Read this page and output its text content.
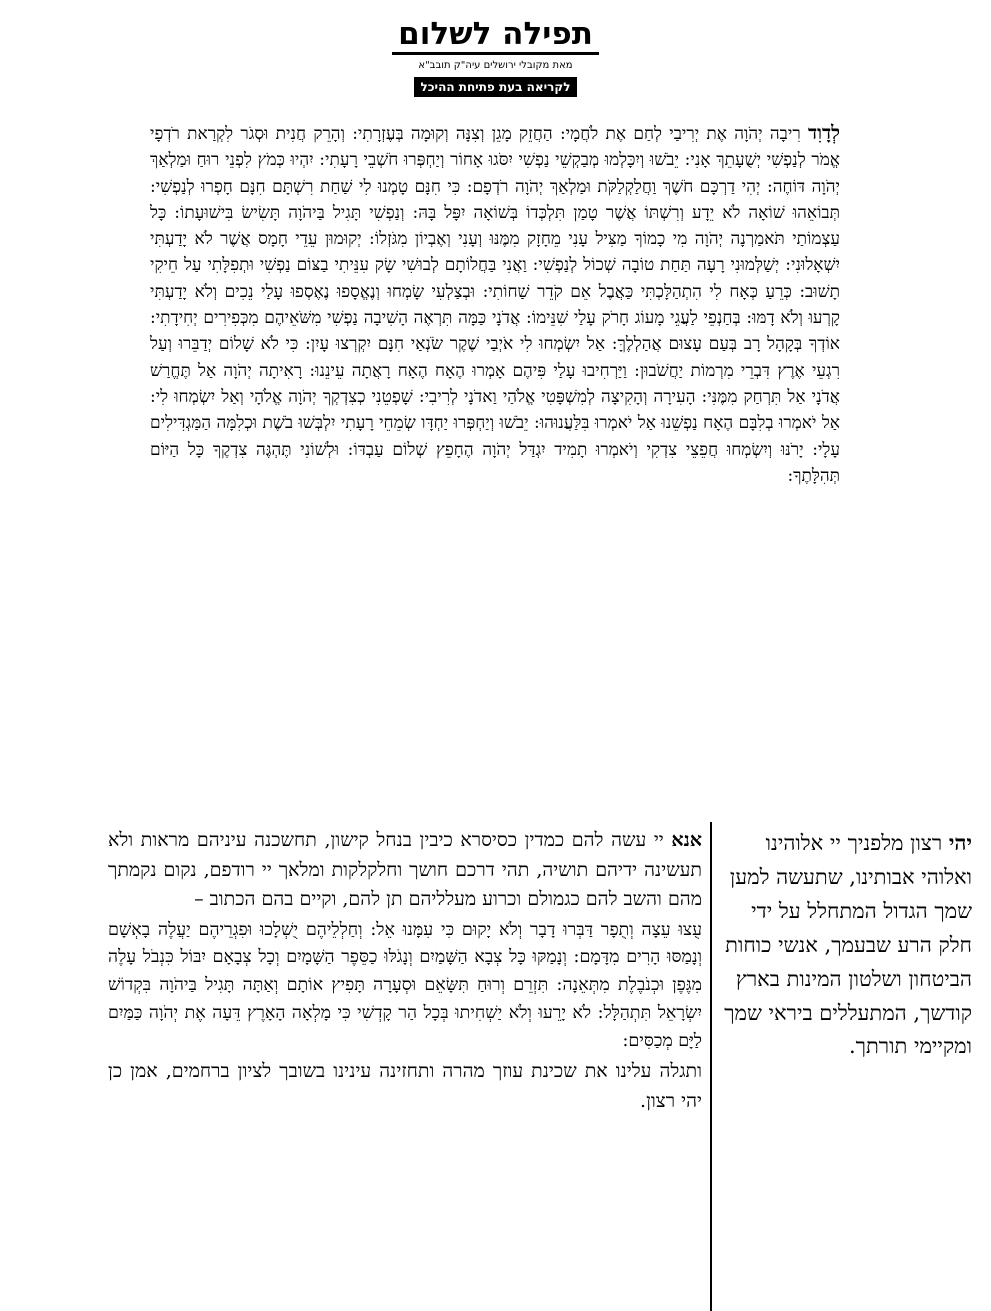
תפילה לשלום
מאת מקובלי ירושלים עיה"ק תובב"א
לקריאה בעת פתיחת ההיכל
לְדָוִד רִיבָה יְהֹוָה אֶת יְרִיבַי לְחַם אֶת לֹחֲמָי: הַחֲזֵק מָגֵן וְצִנָּה וְקוּמָה בְּעֶזְרָתִי: וְהָרֵק חֲנִית וּסְגֹר לִקְרַאת רֹדְפָי אֱמֹר לְנַפְשִׁי יְשֻׁעָתֵךְ אָנִי: יֵבֹשׁוּ וְיִכָּלְמוּ מְבַקְשֵׁי נַפְשִׁי יִסֹּגוּ אָחוֹר וְיַחְפְּרוּ חֹשְׁבֵי רָעָתִי: יִהְיוּ כְּמֹץ לִפְנֵי רוּחַ וּמַלְאַךְ יְהֹוָה דּוֹחֶה: יְהִי דַרְכָּם חֹשֶׁךְ וַחֲלַקְלַקֹּת וּמַלְאַךְ יְהֹוָה רֹדְפָם: כִּי חִנָּם טָמְנוּ לִי שַׁחַת רִשְׁתָּם חִנָּם חָפְרוּ לְנַפְשִׁי: תְּבוֹאֵהוּ שׁוֹאָה לֹא יֵדָע וְרִשְׁתּוֹ אֲשֶׁר טָמַן תִּלְכְּדוֹ בְּשׁוֹאָה יִפָּל בָּהּ: וְנַפְשִׁי תָּגִיל בַּיהֹוָה תָּשִׂישׂ בִּישׁוּעָתוֹ: כָּל עַצְמוֹתַי תֹּאמַרְנָה יְהֹוָה מִי כָמוֹךָ מַצִּיל עָנִי מֵחָזָק מִמֶּנּוּ וְעָנִי וְאֶבְיוֹן מִגֹּזְלוֹ: יְקוּמוּן עֵדֵי חָמָס אֲשֶׁר לֹא יָדַעְתִּי יִשְׁאָלוּנִי: יְשַׁלְּמוּנִי רָעָה תַּחַת טוֹבָה שְׁכוֹל לְנַפְשִׁי: וַאֲנִי בַּחֲלוֹתָם לְבוּשִׁי שָׂק עִנֵּיתִי בַצּוֹם נַפְשִׁי וּתְפִלָּתִי עַל חֵיקִי תָשׁוּב: כְּרֵעַ כְּאָח לִי הִתְהַלָּכְתִּי כַּאֲבֶל אֵם קֹדֵר שַׁחוֹתִי: וּבְצַלְעִי שָׂמְחוּ וְנֶאֱסָפוּ נֶאֶסְפוּ עָלַי נֵכִים וְלֹא יָדַעְתִּי קָרְעוּ וְלֹא דָמּוּ: בְּחַנְפֵי לַעֲגֵי מָעוֹג חָרֹק עָלַי שִׁנֵּימוֹ: אֲדֹנָי כַּמָּה תִּרְאֶה הָשִׁיבָה נַפְשִׁי מִשֹּׁאֵיהֶם מִכְּפִירִים יְחִידָתִי: אוֹדְךָ בְּקָהָל רָב בְּעַם עָצוּם אֲהַלְלֶךָּ: אַל יִשְׂמְחוּ לִי אֹיְבַי שֶׁקֶר שֹׂנְאַי חִנָּם יִקְרְצוּ עָיִן: כִּי לֹא שָׁלוֹם יְדַבֵּרוּ וְעַל רִגְעֵי אֶרֶץ דִּבְרֵי מִרְמוֹת יַחֲשֹׁבוּן: וַיַּרְחִיבוּ עָלַי פִּיהֶם אָמְרוּ הֶאָח הֶאָח רָאֲתָה עֵינֵנוּ: רָאִיתָה יְהֹוָה אַל תֶּחֱרַשׁ אֲדֹנָי אַל תִּרְחַק מִמֶּנִּי: הָעִירָה וְהָקִיצָה לְמִשְׁפָּטִי אֱלֹהַי וַאדֹנָי לְרִיבִי: שָׁפְטֵנִי כְצִדְקְךָ יְהֹוָה אֱלֹהָי וְאַל יִשְׂמְחוּ לִי: אַל יֹאמְרוּ בְלִבָּם הֶאָח נַפְשֵׁנוּ אַל יֹאמְרוּ בִּלַּעֲנוּהוּ: יֵבֹשׁוּ וְיַחְפְּרוּ יַחְדָּו שְׂמֵחֵי רָעָתִי יִלְבְּשׁוּ בֹשֶׁת וּכְלִמָּה הַמַּגְדִּילִים עָלָי: יָרֹנּוּ וְיִשְׂמְחוּ חֲפֵצֵי צִדְקִי וְיֹאמְרוּ תָמִיד יִגְדַּל יְהֹוָה הֶחָפֵץ שְׁלוֹם עַבְדּוֹ: וּלְשׁוֹנִי תֶּהְגֶּה צִדְקֶךָ כָּל הַיּוֹם תְּהִלָּתֶךָ:
יהי רצון מלפניך יי אלוהינו ואלוהי אבותינו, שתעשה למען שמך הגדול המתחלל על ידי חלק הרע שבעמך, אנשי כוחות הביטחון ושלטון המינות בארץ קודשך, המתעללים ביראי שמך ומקיימי תורתך.
אנא יי עשה להם כמדין כסיסרא כיבין בנחל קישון, תחשכנה עיניהם מראות ולא תעשינה ידיהם תושיה, תהי דרכם חושך וחלקלקות ומלאך יי רודפם, נקום נקמתך מהם והשב להם כגמולם וכרוע מעלליהם תן להם, וקיים בהם הכתוב –
עֻצוּ עֵצָה וְתֻפָר דַּבְּרוּ דָבָר וְלֹא יָקוּם כִּי עִמָּנוּ אֵל: וְחַלְלֵיהֶם יֻשְׁלָכוּ וּפִגְרֵיהֶם יַעֲלֶה בָאְשָׁם וְנָמַסּוּ הָרִים מִדָּמָם: וְנָמַקּוּ כָּל צְבָא הַשָּׁמַיִם וְנָגֹלּוּ כַסֵּפֶר הַשָּׁמָיִם וְכָל צְבָאָם יִבּוֹל כִּנְבֹל עָלֶה מִגֶּפֶן וּכְנֹבֶלֶת מִתְּאֵנָה: תִּזְרֵם וְרוּחַ תִּשָּׂאֵם וּסְעָרָה תָּפִיץ אוֹתָם וְאַתָּה תָּגִיל בַּיהֹוָה בִּקְדוֹשׁ יִשְׂרָאֵל תִּתְהַלָּל: לֹא יָרֵעוּ וְלֹא יַשְׁחִיתוּ בְּכָל הַר קָדְשִׁי כִּי מָלְאָה הָאָרֶץ דֵּעָה אֶת יְהֹוָה כַּמַּיִם לַיָּם מְכַסִּים:
ותגלה עלינו את שכינת עוזך מהרה ותחזינה עינינו בשובך לציון ברחמים, אמן כן יהי רצון.
